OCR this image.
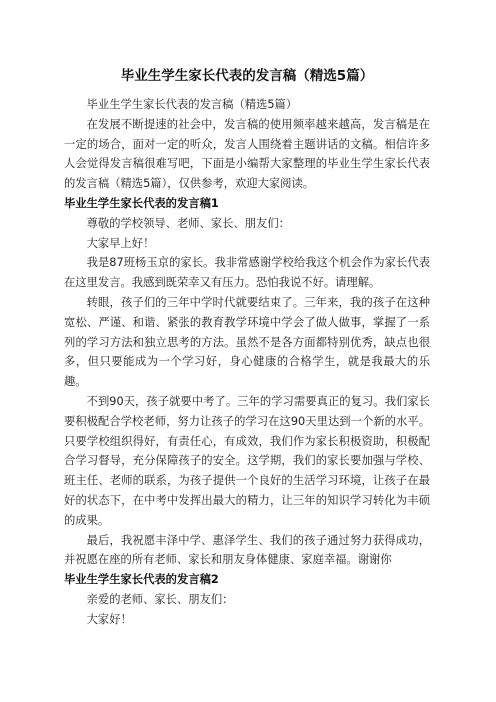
毕业生学生家长代表的发言稿（精选5篇）

毕业生学生家长代表的发言稿（精选5篇）

在发展不断提速的社会中，发言稿的使用频率越来越高，发言稿是在一定的场合，面对一定的听众，发言人围绕着主题讲话的文稿。相信许多人会觉得发言稿很难写吧，下面是小编帮大家整理的毕业生学生家长代表的发言稿（精选5篇），仅供参考，欢迎大家阅读。

毕业生学生家长代表的发言稿1

尊敬的学校领导、老师、家长、朋友们：

大家早上好！

我是87班杨玉京的家长。我非常感谢学校给我这个机会作为家长代表在这里发言。我感到既荣幸又有压力。恐怕我说不好。请理解。

转眼，孩子们的三年中学时代就要结束了。三年来，我的孩子在这种宽松、严谨、和谐、紧张的教育教学环境中学会了做人做事，掌握了一系列的学习方法和独立思考的方法。虽然不是各方面都特别优秀，缺点也很多，但只要能成为一个学习好，身心健康的合格学生，就是我最大的乐趣。

不到90天，孩子就要中考了。三年的学习需要真正的复习。我们家长要积极配合学校老师，努力让孩子的学习在这90天里达到一个新的水平。只要学校组织得好，有责任心，有成效，我们作为家长积极资助，积极配合学习督导，充分保障孩子的安全。这学期，我们的家长要加强与学校、班主任、老师的联系，为孩子提供一个良好的生活学习环境，让孩子在最好的状态下，在中考中发挥出最大的精力，让三年的知识学习转化为丰硕的成果。

最后，我祝愿丰泽中学、惠泽学生、我们的孩子通过努力获得成功，并祝愿在座的所有老师、家长和朋友身体健康、家庭幸福。谢谢你

毕业生学生家长代表的发言稿2

亲爱的老师、家长、朋友们：

大家好！
